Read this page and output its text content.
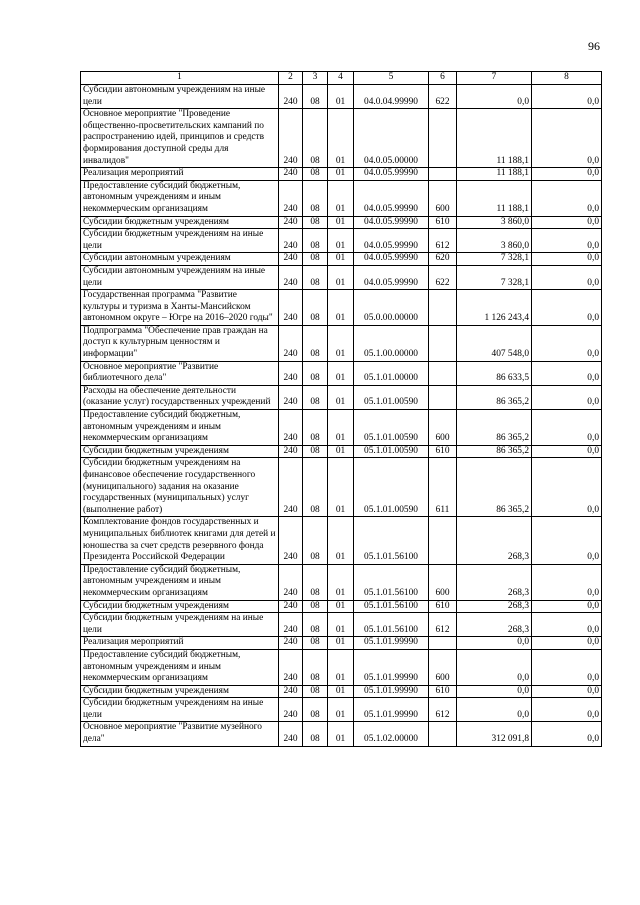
96
1	2	3	4	5	6	7	8
Субсидии автономным учреждениям на иные цели	240	08	01	04.0.04.99990	622	0,0	0,0
Основное мероприятие "Проведение общественно-просветительских кампаний по распространению идей, принципов и средств формирования доступной среды для инвалидов"	240	08	01	04.0.05.00000		11 188,1	0,0
Реализация мероприятий	240	08	01	04.0.05.99990		11 188,1	0,0
Предоставление субсидий бюджетным, автономным учреждениям и иным некоммерческим организациям	240	08	01	04.0.05.99990	600	11 188,1	0,0
Субсидии бюджетным учреждениям	240	08	01	04.0.05.99990	610	3 860,0	0,0
Субсидии бюджетным учреждениям на иные цели	240	08	01	04.0.05.99990	612	3 860,0	0,0
Субсидии автономным учреждениям	240	08	01	04.0.05.99990	620	7 328,1	0,0
Субсидии автономным учреждениям на иные цели	240	08	01	04.0.05.99990	622	7 328,1	0,0
Государственная программа "Развитие культуры и туризма в Ханты-Мансийском автономном округе – Югре на 2016–2020 годы"	240	08	01	05.0.00.00000		1 126 243,4	0,0
Подпрограмма "Обеспечение прав граждан на доступ к культурным ценностям и информации"	240	08	01	05.1.00.00000		407 548,0	0,0
Основное мероприятие "Развитие библиотечного дела"	240	08	01	05.1.01.00000		86 633,5	0,0
Расходы на обеспечение деятельности (оказание услуг) государственных учреждений	240	08	01	05.1.01.00590		86 365,2	0,0
Предоставление субсидий бюджетным, автономным учреждениям и иным некоммерческим организациям	240	08	01	05.1.01.00590	600	86 365,2	0,0
Субсидии бюджетным учреждениям	240	08	01	05.1.01.00590	610	86 365,2	0,0
Субсидии бюджетным учреждениям на финансовое обеспечение государственного (муниципального) задания на оказание государственных (муниципальных) услуг (выполнение работ)	240	08	01	05.1.01.00590	611	86 365,2	0,0
Комплектование фондов государственных и муниципальных библиотек книгами для детей и юношества за счет средств резервного фонда Президента Российской Федерации	240	08	01	05.1.01.56100		268,3	0,0
Предоставление субсидий бюджетным, автономным учреждениям и иным некоммерческим организациям	240	08	01	05.1.01.56100	600	268,3	0,0
Субсидии бюджетным учреждениям	240	08	01	05.1.01.56100	610	268,3	0,0
Субсидии бюджетным учреждениям на иные цели	240	08	01	05.1.01.56100	612	268,3	0,0
Реализация мероприятий	240	08	01	05.1.01.99990		0,0	0,0
Предоставление субсидий бюджетным, автономным учреждениям и иным некоммерческим организациям	240	08	01	05.1.01.99990	600	0,0	0,0
Субсидии бюджетным учреждениям	240	08	01	05.1.01.99990	610	0,0	0,0
Субсидии бюджетным учреждениям на иные цели	240	08	01	05.1.01.99990	612	0,0	0,0
Основное мероприятие "Развитие музейного дела"	240	08	01	05.1.02.00000		312 091,8	0,0
